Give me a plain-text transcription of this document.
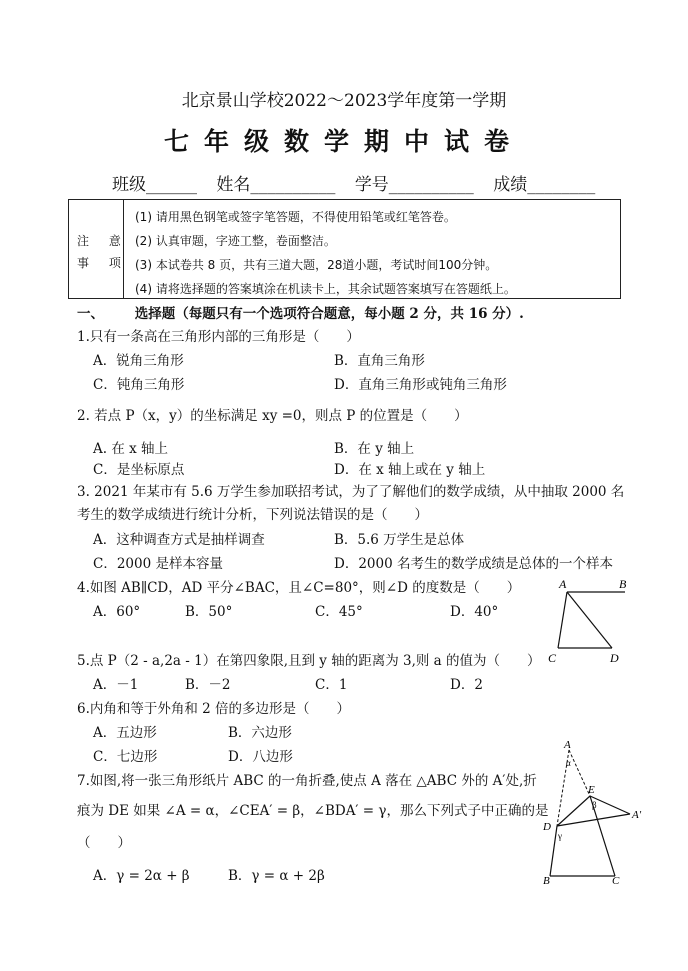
北京景山学校2022～2023学年度第一学期
七年级数学期中试卷
班级______ 姓名__________ 学号__________ 成绩________
注 意
事 项
(1) 请用黑色钢笔或签字笔答题，不得使用铅笔或红笔答卷。
(2) 认真审题，字迹工整，卷面整洁。
(3) 本试卷共 8 页，共有三道大题，28道小题，考试时间100分钟。
(4) 请将选择题的答案填涂在机读卡上，其余试题答案填写在答题纸上。
一、 选择题（每题只有一个选项符合题意，每小题 2 分，共 16 分）.
1.只有一条高在三角形内部的三角形是（　　）
A．锐角三角形	B．直角三角形
C．钝角三角形	D．直角三角形或钝角三角形
2. 若点 P（x，y）的坐标满足 xy =0，则点 P 的位置是（　　）
A. 在 x 轴上	B．在 y 轴上
C．是坐标原点	D．在 x 轴上或在 y 轴上
3. 2021 年某市有 5.6 万学生参加联招考试，为了了解他们的数学成绩，从中抽取 2000 名
考生的数学成绩进行统计分析，下列说法错误的是（　　）
A．这种调查方式是抽样调查	B．5.6 万学生是总体
C．2000 是样本容量	D．2000 名考生的数学成绩是总体的一个样本
4.如图 AB∥CD，AD 平分∠BAC，且∠C=80°，则∠D 的度数是（　　）
A．60°	B．50°	C．45°	D．40°
A	B
C	D
5.点 P（2 - a,2a - 1）在第四象限,且到 y 轴的距离为 3,则 a 的值为（　　）
A．－1	B．－2	C．1	D．2
6.内角和等于外角和 2 倍的多边形是（　　）
A．五边形	B．六边形
C．七边形	D．八边形
7.如图,将一张三角形纸片 ABC 的一角折叠,使点 A 落在 △ABC 外的 A′处,折
痕为 DE 如果 ∠A = α，∠CEA′ = β，∠BDA′ = γ，那么下列式子中正确的是
（　　）
A．γ = 2α + β	B．γ = α + 2β
A
α
E
β
A′
D
γ
B	C
